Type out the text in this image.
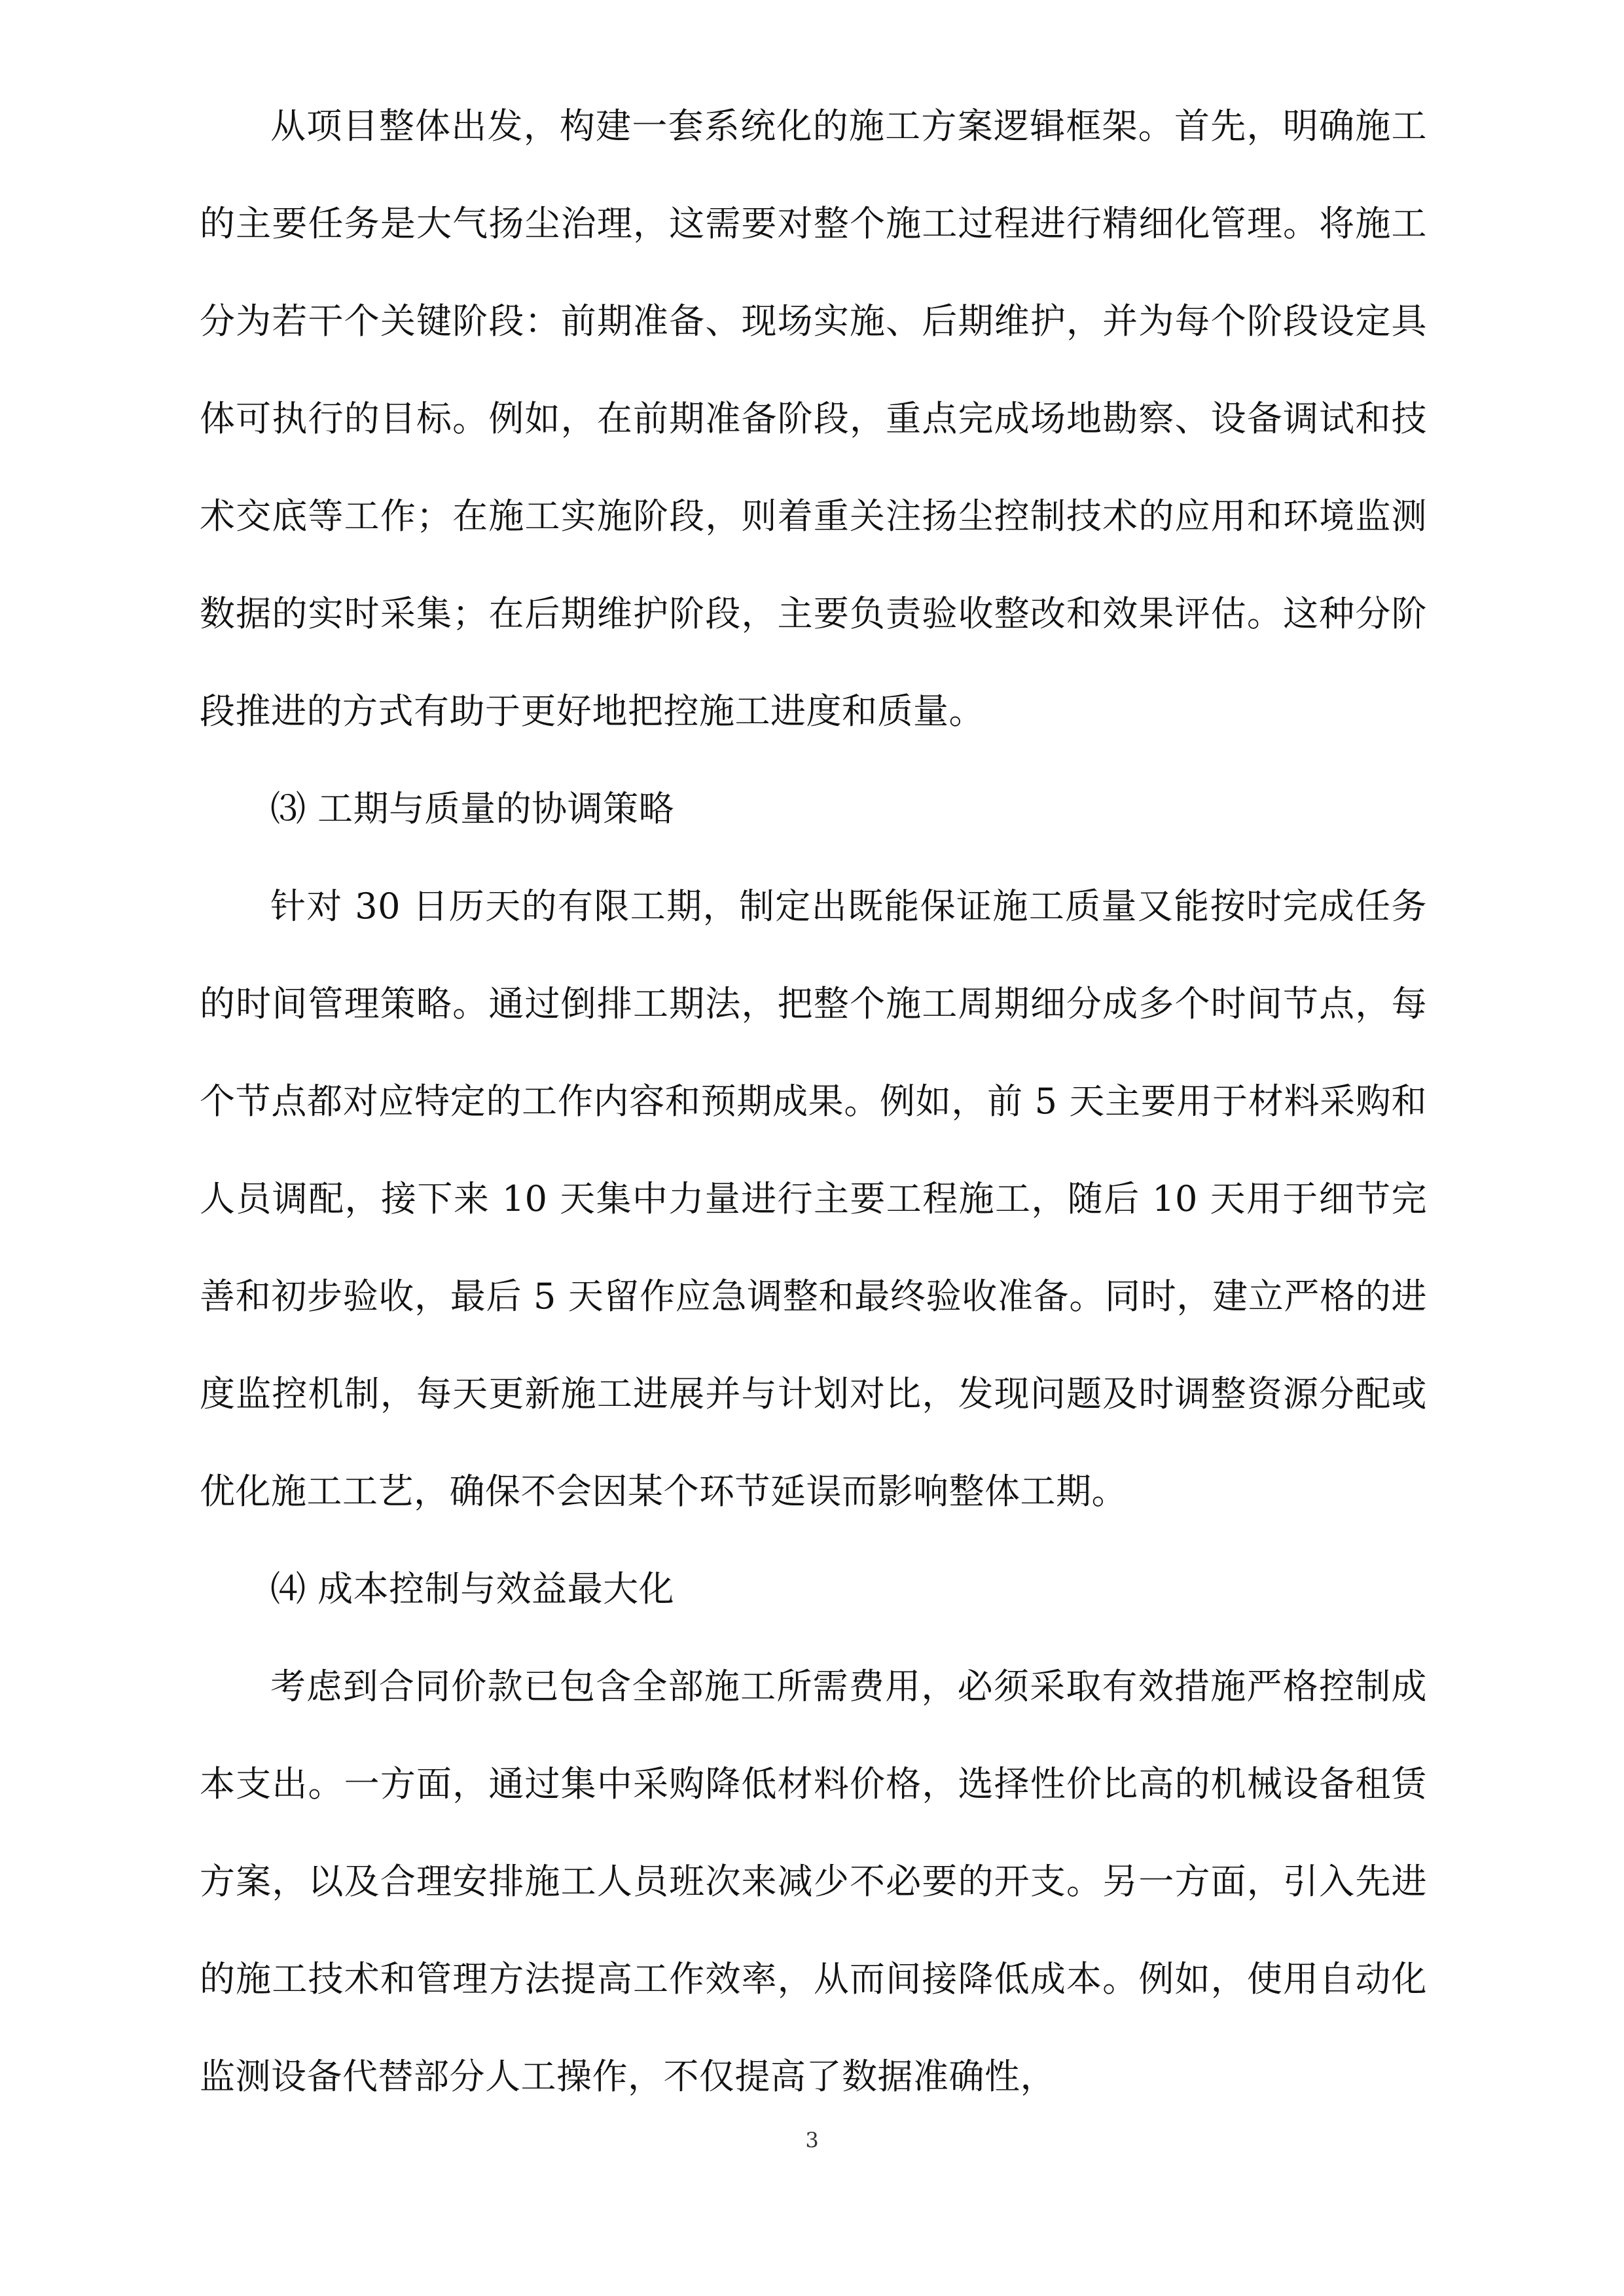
从项目整体出发，构建一套系统化的施工方案逻辑框架。首先，明确施工的主要任务是大气扬尘治理，这需要对整个施工过程进行精细化管理。将施工分为若干个关键阶段：前期准备、现场实施、后期维护，并为每个阶段设定具体可执行的目标。例如，在前期准备阶段，重点完成场地勘察、设备调试和技术交底等工作；在施工实施阶段，则着重关注扬尘控制技术的应用和环境监测数据的实时采集；在后期维护阶段，主要负责验收整改和效果评估。这种分阶段推进的方式有助于更好地把控施工进度和质量。

⑶ 工期与质量的协调策略

针对 30 日历天的有限工期，制定出既能保证施工质量又能按时完成任务的时间管理策略。通过倒排工期法，把整个施工周期细分成多个时间节点，每个节点都对应特定的工作内容和预期成果。例如，前 5 天主要用于材料采购和人员调配，接下来 10 天集中力量进行主要工程施工，随后 10 天用于细节完善和初步验收，最后 5 天留作应急调整和最终验收准备。同时，建立严格的进度监控机制，每天更新施工进展并与计划对比，发现问题及时调整资源分配或优化施工工艺，确保不会因某个环节延误而影响整体工期。

⑷ 成本控制与效益最大化

考虑到合同价款已包含全部施工所需费用，必须采取有效措施严格控制成本支出。一方面，通过集中采购降低材料价格，选择性价比高的机械设备租赁方案，以及合理安排施工人员班次来减少不必要的开支。另一方面，引入先进的施工技术和管理方法提高工作效率，从而间接降低成本。例如，使用自动化监测设备代替部分人工操作，不仅提高了数据准确性，

3
